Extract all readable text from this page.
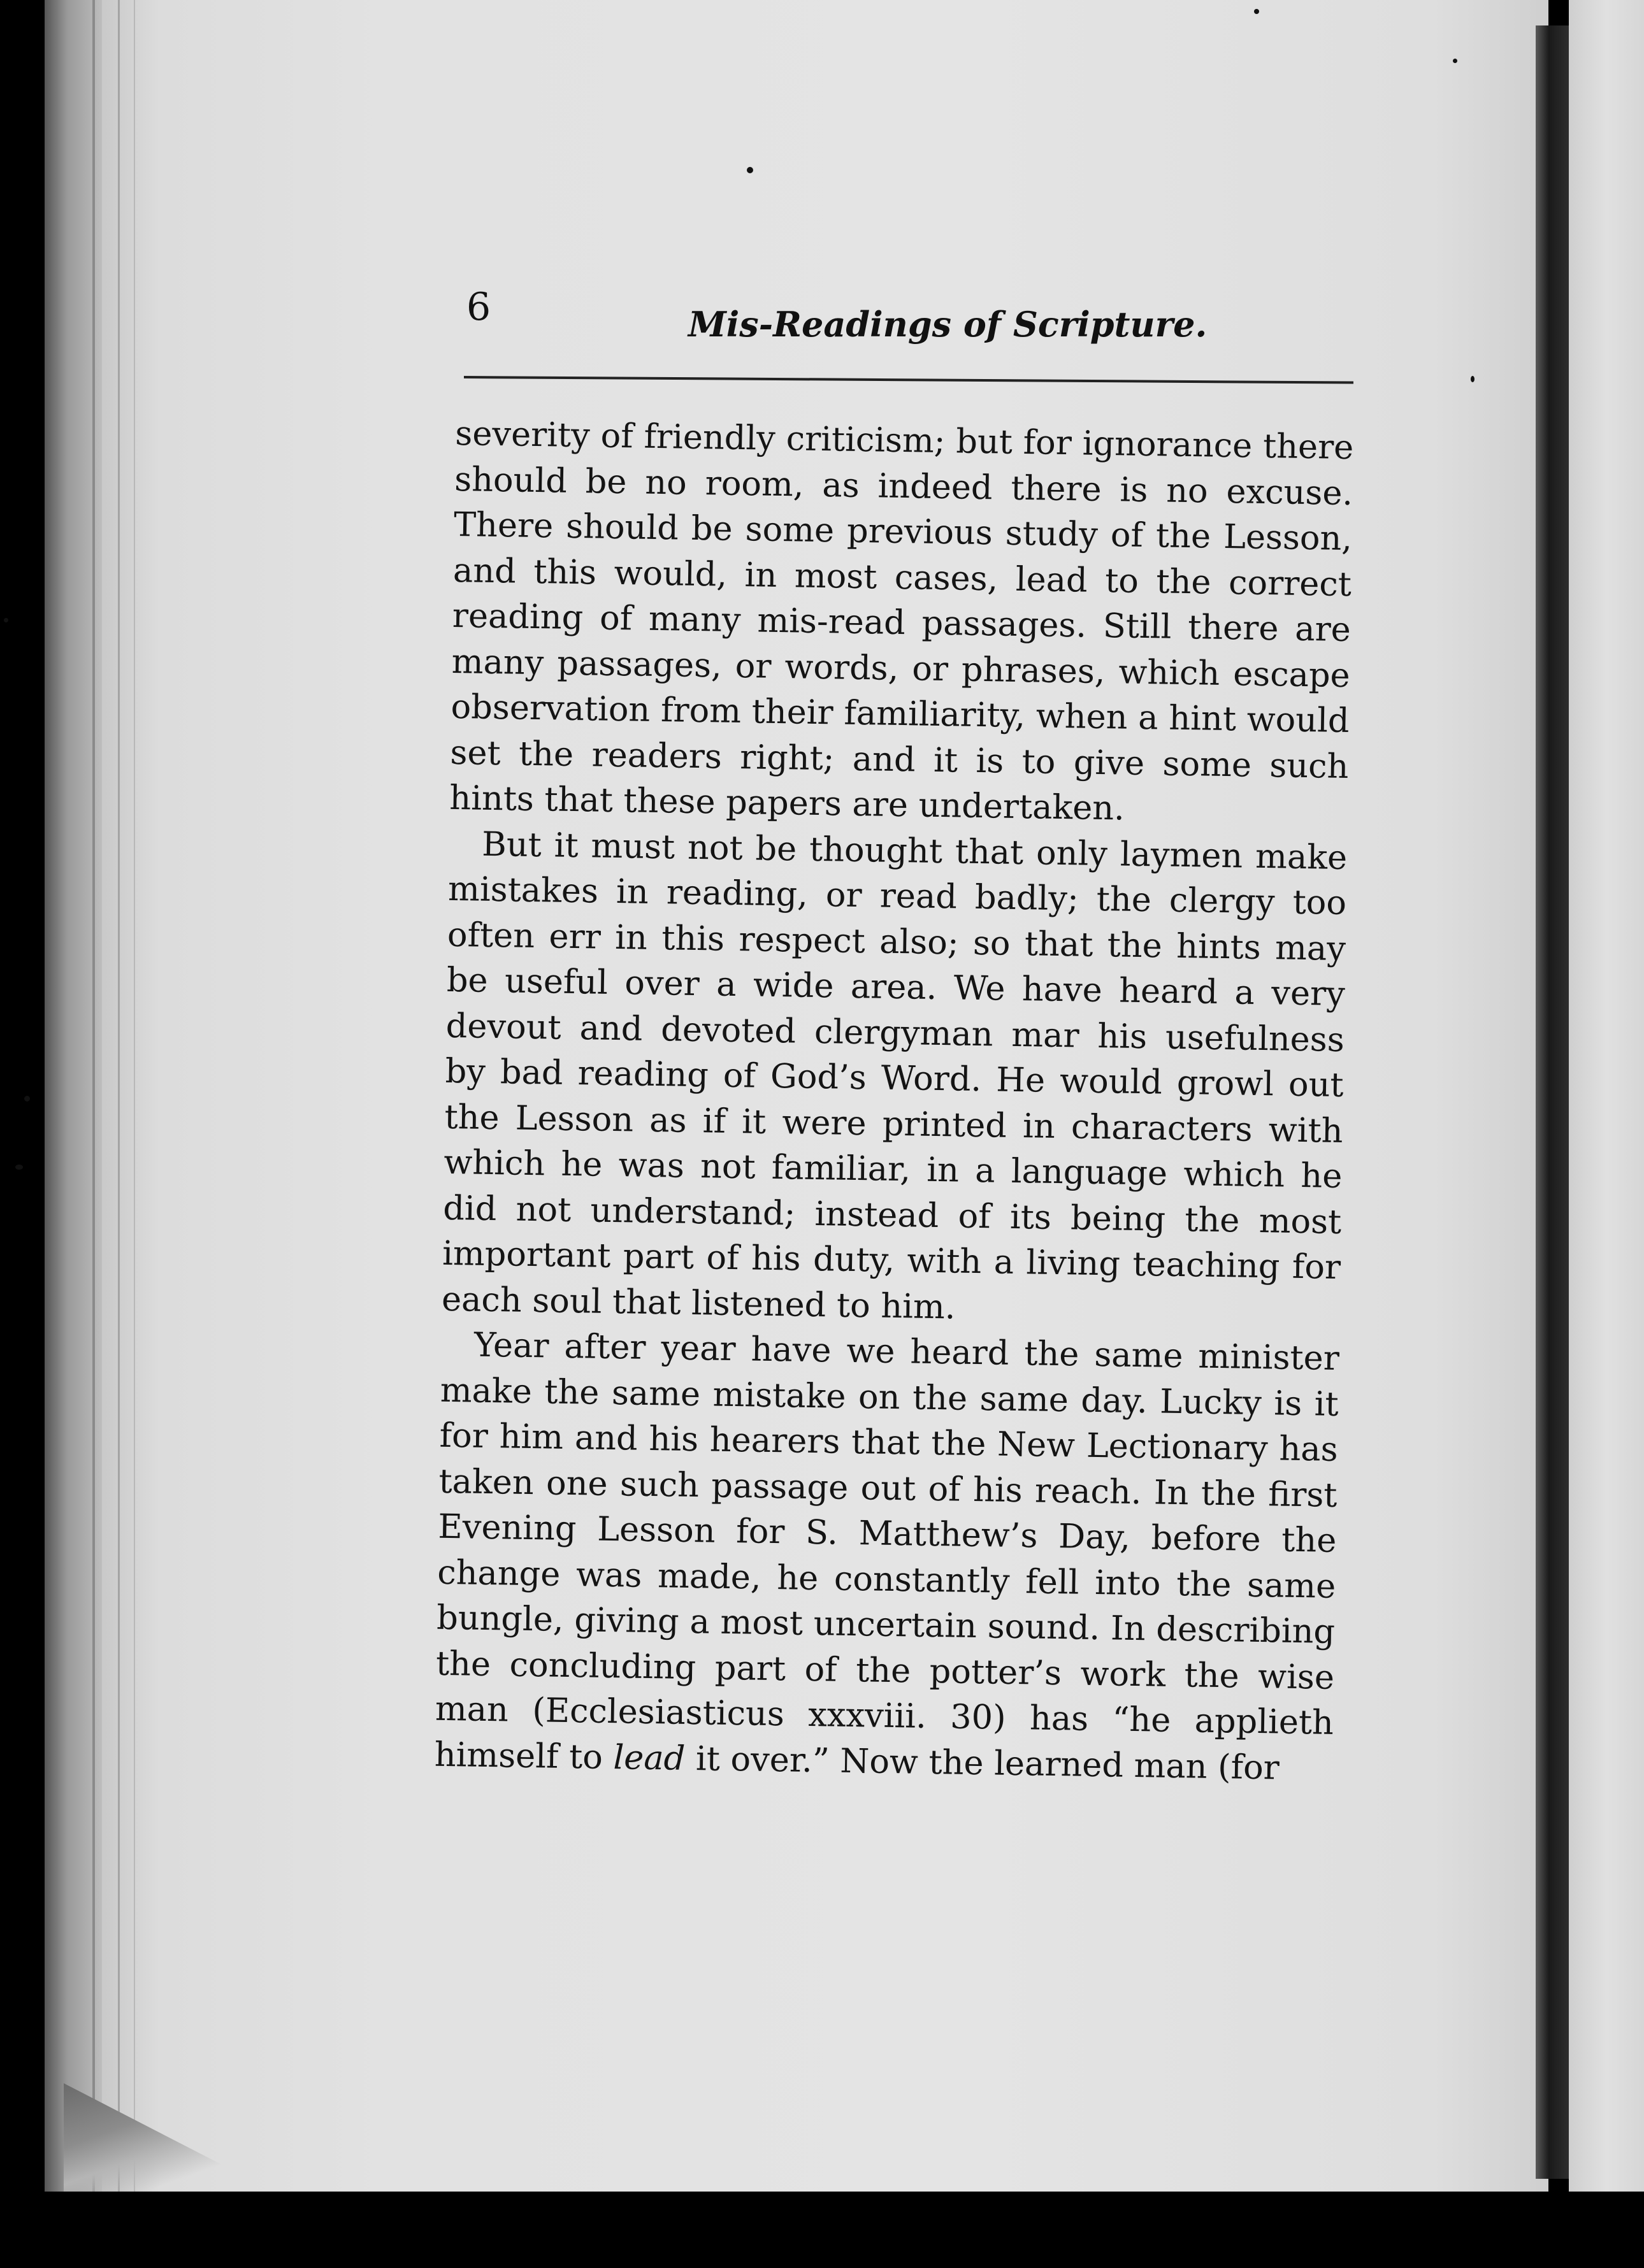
6	Mis-Readings of Scripture.

severity of friendly criticism; but for ignorance there should be no room, as indeed there is no excuse. There should be some previous study of the Lesson, and this would, in most cases, lead to the correct reading of many mis-read passages. Still there are many passages, or words, or phrases, which escape observation from their familiarity, when a hint would set the readers right; and it is to give some such hints that these papers are undertaken.

But it must not be thought that only laymen make mistakes in reading, or read badly; the clergy too often err in this respect also; so that the hints may be useful over a wide area. We have heard a very devout and devoted clergyman mar his usefulness by bad reading of God’s Word. He would growl out the Lesson as if it were printed in characters with which he was not familiar, in a language which he did not understand; instead of its being the most important part of his duty, with a living teaching for each soul that listened to him.

Year after year have we heard the same minister make the same mistake on the same day. Lucky is it for him and his hearers that the New Lectionary has taken one such passage out of his reach. In the first Evening Lesson for S. Matthew’s Day, before the change was made, he constantly fell into the same bungle, giving a most uncertain sound. In describing the concluding part of the potter’s work the wise man (Ecclesiasticus xxxviii. 30) has “he applieth himself to lead it over.” Now the learned man (for
